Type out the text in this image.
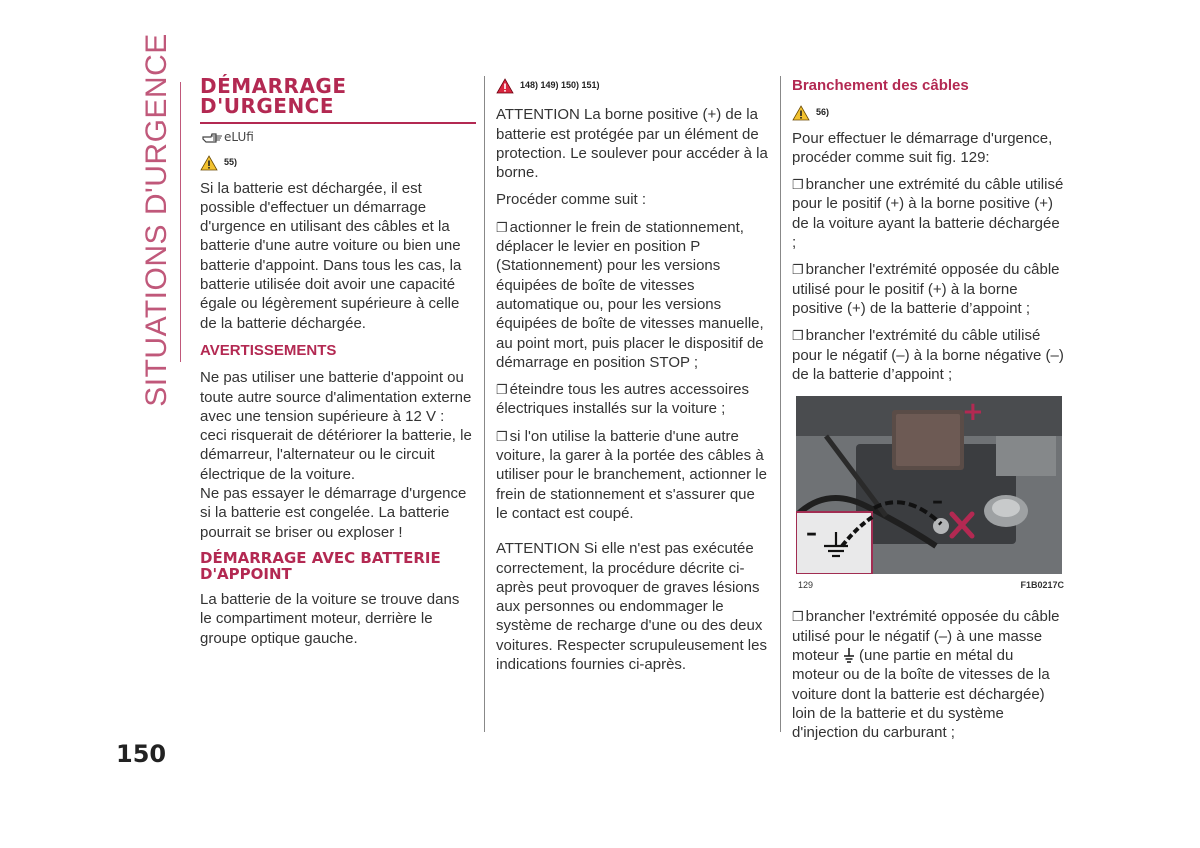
SITUATIONS D'URGENCE
150
DÉMARRAGE D'URGENCE
eLUfi
55)

Si la batterie est déchargée, il est possible d'effectuer un démarrage d'urgence en utilisant des câbles et la batterie d'une autre voiture ou bien une batterie d'appoint. Dans tous les cas, la batterie utilisée doit avoir une capacité égale ou légèrement supérieure à celle de la batterie déchargée.

AVERTISSEMENTS

Ne pas utiliser une batterie d'appoint ou toute autre source d'alimentation externe avec une tension supérieure à 12 V : ceci risquerait de détériorer la batterie, le démarreur, l'alternateur ou le circuit électrique de la voiture.

Ne pas essayer le démarrage d'urgence si la batterie est congelée. La batterie pourrait se briser ou exploser !

DÉMARRAGE AVEC BATTERIE D'APPOINT

La batterie de la voiture se trouve dans le compartiment moteur, derrière le groupe optique gauche.

148) 149) 150) 151)

ATTENTION La borne positive (+) de la batterie est protégée par un élément de protection. Le soulever pour accéder à la borne.

Procéder comme suit :

❐ actionner le frein de stationnement, déplacer le levier en position P (Stationnement) pour les versions équipées de boîte de vitesses automatique ou, pour les versions équipées de boîte de vitesses manuelle, au point mort, puis placer le dispositif de démarrage en position STOP ;

❐ éteindre tous les autres accessoires électriques installés sur la voiture ;

❐ si l'on utilise la batterie d'une autre voiture, la garer à la portée des câbles à utiliser pour le branchement, actionner le frein de stationnement et s'assurer que le contact est coupé.

ATTENTION Si elle n'est pas exécutée correctement, la procédure décrite ci-après peut provoquer de graves lésions aux personnes ou endommager le système de recharge d'une ou des deux voitures. Respecter scrupuleusement les indications fournies ci-après.

Branchement des câbles
56)

Pour effectuer le démarrage d'urgence, procéder comme suit fig. 129:

❐ brancher une extrémité du câble utilisé pour le positif (+) à la borne positive (+) de la voiture ayant la batterie déchargée ;

❐ brancher l'extrémité opposée du câble utilisé pour le positif (+) à la borne positive (+) de la batterie d’appoint ;

❐ brancher l'extrémité du câble utilisé pour le négatif (–) à la borne négative (–) de la batterie d’appoint ;

+
–
–
129	F1B0217C

❐ brancher l'extrémité opposée du câble utilisé pour le négatif (–) à une masse moteur (une partie en métal du moteur ou de la boîte de vitesses de la voiture dont la batterie est déchargée) loin de la batterie et du système d'injection du carburant ;
